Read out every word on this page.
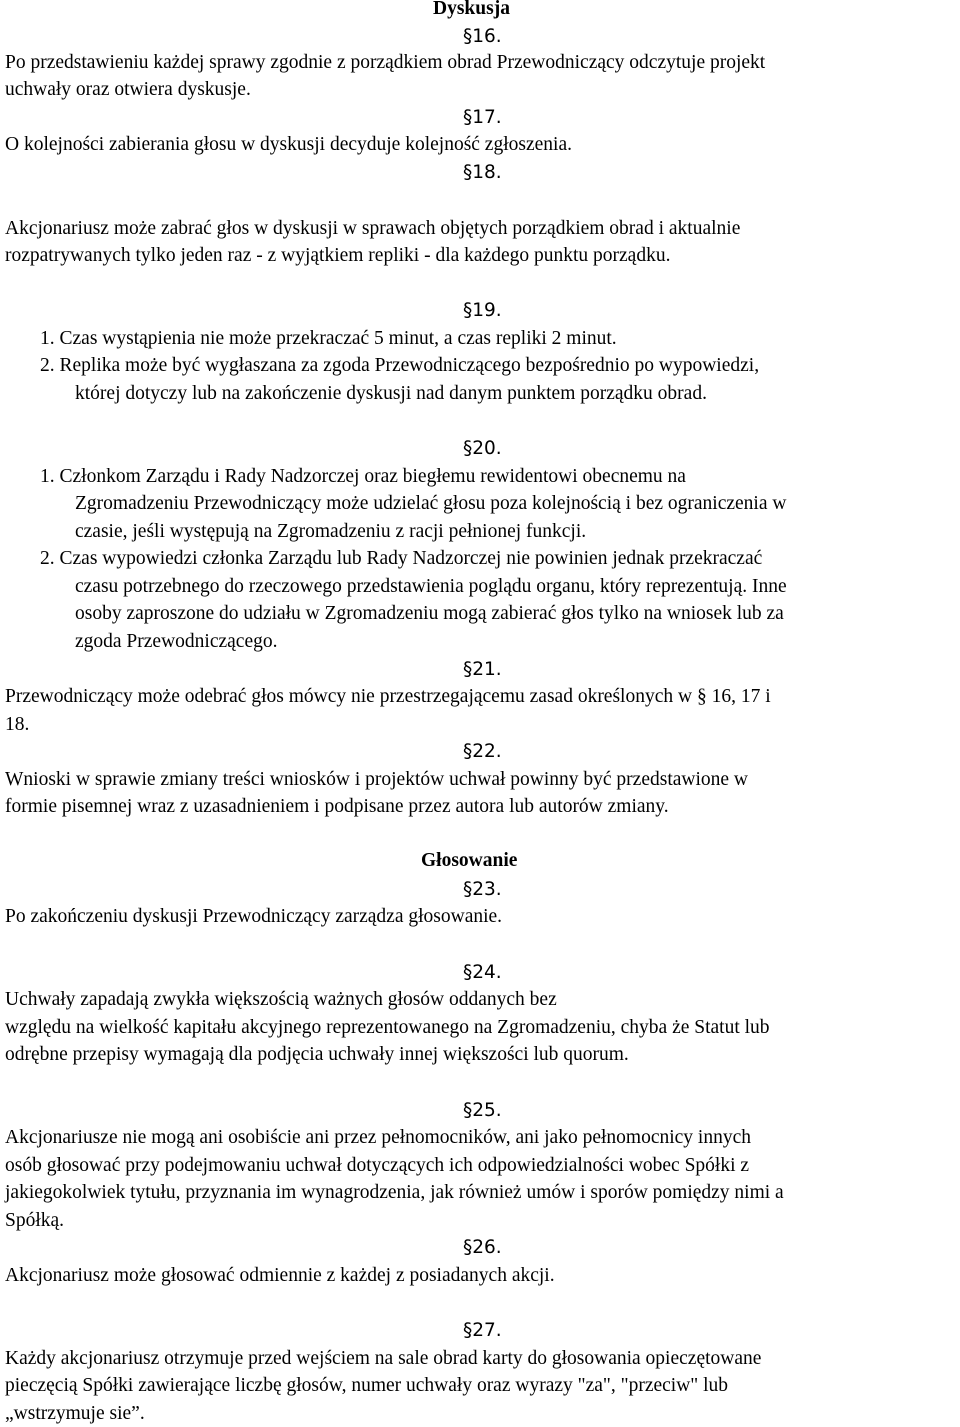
Dyskusja
§16.
Po przedstawieniu każdej sprawy zgodnie z porządkiem obrad Przewodniczący odczytuje projekt
uchwały oraz otwiera dyskusje.
§17.
O kolejności zabierania głosu w dyskusji decyduje kolejność zgłoszenia.
§18.
Akcjonariusz może zabrać głos w dyskusji w sprawach objętych porządkiem obrad i aktualnie
rozpatrywanych tylko jeden raz - z wyjątkiem repliki - dla każdego punktu porządku.
§19.
1. Czas wystąpienia nie może przekraczać 5 minut, a czas repliki 2 minut.
2. Replika może być wygłaszana za zgoda Przewodniczącego bezpośrednio po wypowiedzi,
której dotyczy lub na zakończenie dyskusji nad danym punktem porządku obrad.
§20.
1. Członkom Zarządu i Rady Nadzorczej oraz biegłemu rewidentowi obecnemu na
Zgromadzeniu Przewodniczący może udzielać głosu poza kolejnością i bez ograniczenia w
czasie, jeśli występują na Zgromadzeniu z racji pełnionej funkcji.
2. Czas wypowiedzi członka Zarządu lub Rady Nadzorczej nie powinien jednak przekraczać
czasu potrzebnego do rzeczowego przedstawienia poglądu organu, który reprezentują. Inne
osoby zaproszone do udziału w Zgromadzeniu mogą zabierać głos tylko na wniosek lub za
zgoda Przewodniczącego.
§21.
Przewodniczący może odebrać głos mówcy nie przestrzegającemu zasad określonych w § 16, 17 i
18.
§22.
Wnioski w sprawie zmiany treści wniosków i projektów uchwał powinny być przedstawione w
formie pisemnej wraz z uzasadnieniem i podpisane przez autora lub autorów zmiany.
Głosowanie
§23.
Po zakończeniu dyskusji Przewodniczący zarządza głosowanie.
§24.
Uchwały zapadają zwykła większością ważnych głosów oddanych bez
względu na wielkość kapitału akcyjnego reprezentowanego na Zgromadzeniu, chyba że Statut lub
odrębne przepisy wymagają dla podjęcia uchwały innej większości lub quorum.
§25.
Akcjonariusze nie mogą ani osobiście ani przez pełnomocników, ani jako pełnomocnicy innych
osób głosować przy podejmowaniu uchwał dotyczących ich odpowiedzialności wobec Spółki z
jakiegokolwiek tytułu, przyznania im wynagrodzenia, jak również umów i sporów pomiędzy nimi a
Spółką.
§26.
Akcjonariusz może głosować odmiennie z każdej z posiadanych akcji.
§27.
Każdy akcjonariusz otrzymuje przed wejściem na sale obrad karty do głosowania opieczętowane
pieczęcią Spółki zawierające liczbę głosów, numer uchwały oraz wyrazy "za", "przeciw" lub
„wstrzymuje sie”.
